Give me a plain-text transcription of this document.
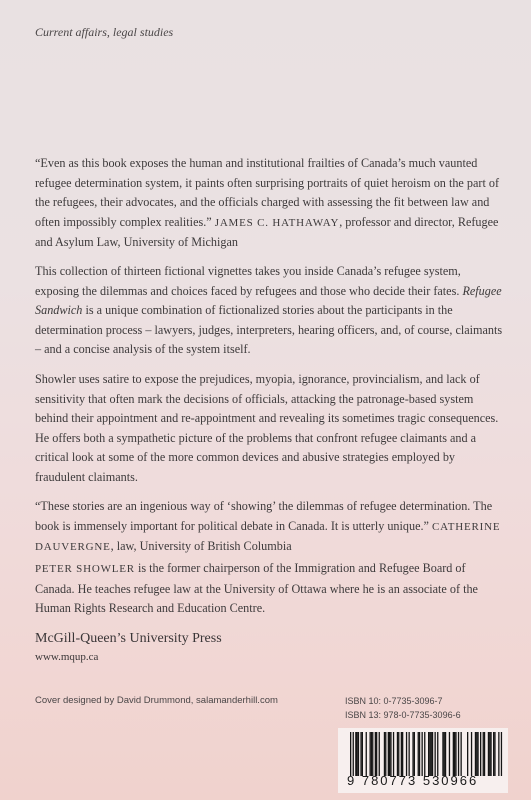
Current affairs, legal studies

“Even as this book exposes the human and institutional frailties of Canada’s much vaunted refugee determination system, it paints often surprising portraits of quiet heroism on the part of the refugees, their advocates, and the officials charged with assessing the fit between law and often impossibly complex realities.” JAMES C. HATHAWAY, professor and director, Refugee and Asylum Law, University of Michigan

This collection of thirteen fictional vignettes takes you inside Canada’s refugee system, exposing the dilemmas and choices faced by refugees and those who decide their fates. Refugee Sandwich is a unique combination of fictionalized stories about the participants in the determination process – lawyers, judges, interpreters, hearing officers, and, of course, claimants – and a concise analysis of the system itself.

Showler uses satire to expose the prejudices, myopia, ignorance, provincialism, and lack of sensitivity that often mark the decisions of officials, attacking the patronage-based system behind their appointment and re-appointment and revealing its sometimes tragic consequences. He offers both a sympathetic picture of the problems that confront refugee claimants and a critical look at some of the more common devices and abusive strategies employed by fraudulent claimants.

“These stories are an ingenious way of ‘showing’ the dilemmas of refugee determination. The book is immensely important for political debate in Canada. It is utterly unique.” CATHERINE DAUVERGNE, law, University of British Columbia

PETER SHOWLER is the former chairperson of the Immigration and Refugee Board of Canada. He teaches refugee law at the University of Ottawa where he is an associate of the Human Rights Research and Education Centre.

McGill-Queen’s University Press
www.mqup.ca
Cover designed by David Drummond, salamanderhill.com	ISBN 10: 0-7735-3096-7
ISBN 13: 978-0-7735-3096-6
9 780773 530966
